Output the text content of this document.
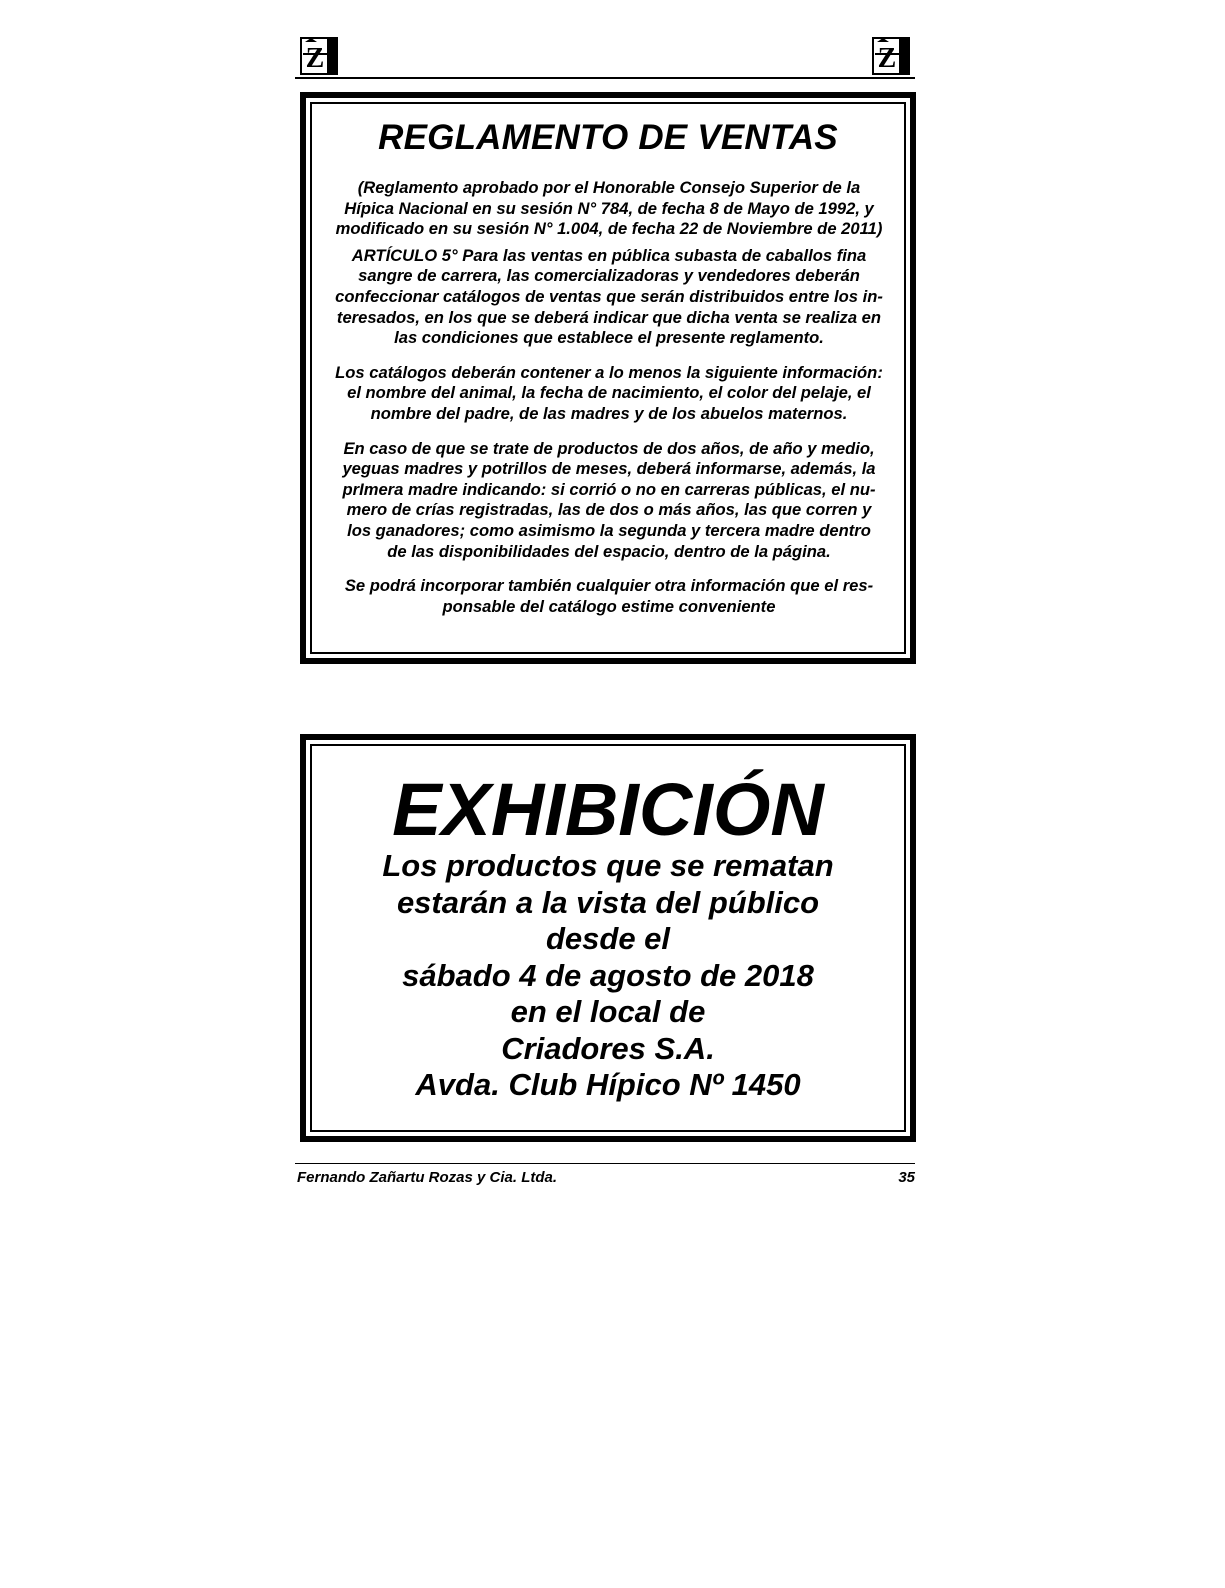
Z	Z
REGLAMENTO DE VENTAS

(Reglamento aprobado por el Honorable Consejo Superior de la
Hípica Nacional en su sesión N° 784, de fecha 8 de Mayo de 1992, y
modificado en su sesión N° 1.004, de fecha 22 de Noviembre de 2011)

ARTÍCULO 5° Para las ventas en pública subasta de caballos fina
sangre de carrera, las comercializadoras y vendedores deberán
confeccionar catálogos de ventas que serán distribuidos entre los in-
teresados, en los que se deberá indicar que dicha venta se realiza en
las condiciones que establece el presente reglamento.

Los catálogos deberán contener a lo menos la siguiente información:
el nombre del animal, la fecha de nacimiento, el color del pelaje, el
nombre del padre, de las madres y de los abuelos maternos.

En caso de que se trate de productos de dos años, de año y medio,
yeguas madres y potrillos de meses, deberá informarse, además, la
prImera madre indicando: si corrió o no en carreras públicas, el nu-
mero de crías registradas, las de dos o más años, las que corren y
los ganadores; como asimismo la segunda y tercera madre dentro
de las disponibilidades del espacio, dentro de la página.

Se podrá incorporar también cualquier otra información que el res-
ponsable del catálogo estime conveniente

EXHIBICIÓN
Los productos que se rematan
estarán a la vista del público
desde el
sábado 4 de agosto de 2018
en el local de
Criadores S.A.
Avda. Club Hípico Nº 1450
Fernando Zañartu Rozas y Cia. Ltda.	35
